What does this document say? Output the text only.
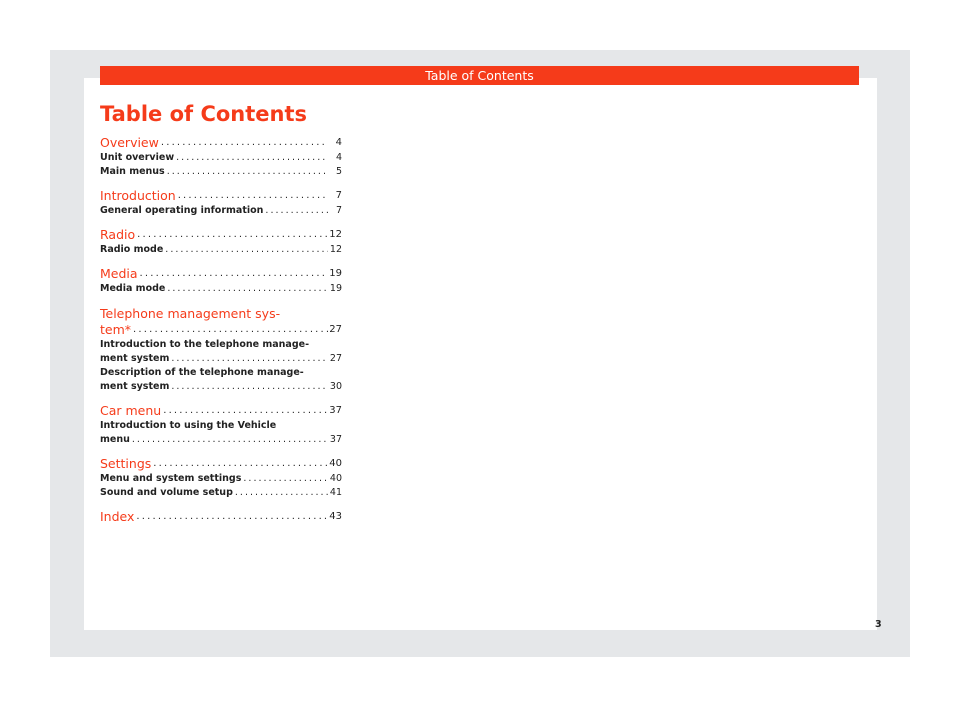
Table of Contents
Table of Contents
Overview . . .	4
Unit overview . . .	4
Main menus . . .	5
Introduction . . .	7
General operating information . . .	7
Radio . . .	12
Radio mode . . .	12
Media . . .	19
Media mode . . .	19
Telephone management sys-
tem* . . .	27
Introduction to the telephone manage-
ment system . . .	27
Description of the telephone manage-
ment system . . .	30
Car menu . . .	37
Introduction to using the Vehicle
menu . . .	37
Settings . . .	40
Menu and system settings . . .	40
Sound and volume setup . . .	41
Index . . .	43
3
